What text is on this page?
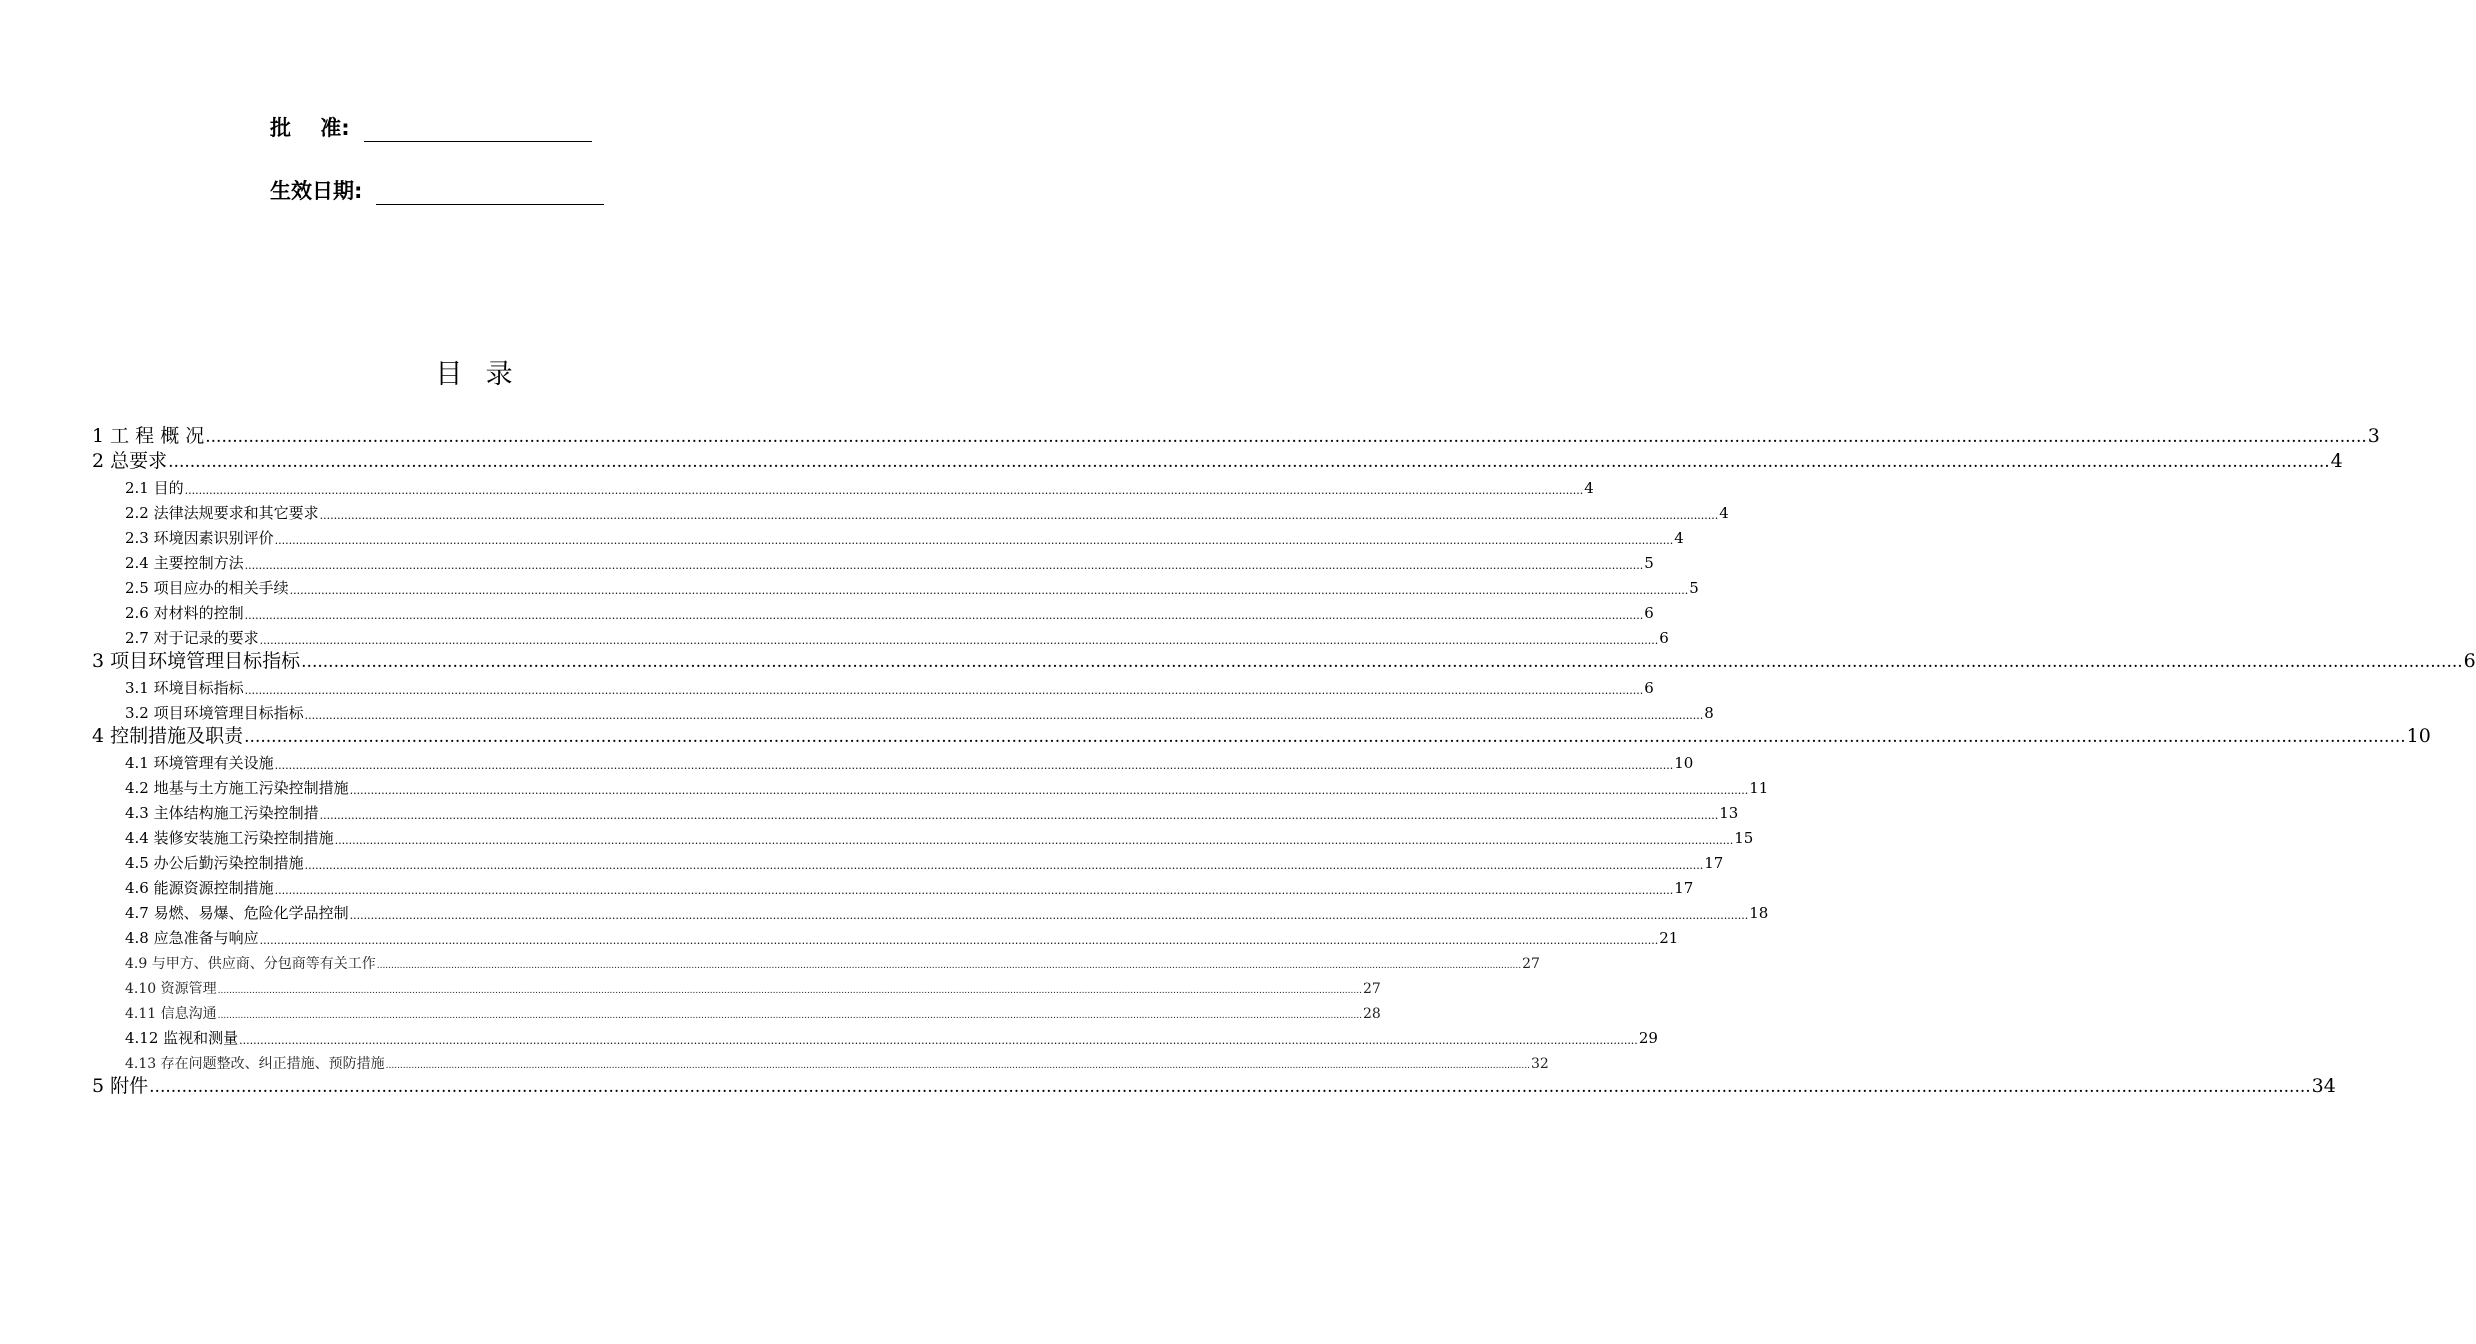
批    准:
生效日期:
目  录
1 工 程 概 况 ................................................................................................................................................................................................................................................................................................................................................................................................................ 3
2 总要求 ................................................................................................................................................................................................................................................................................................................................................................................................................ 4
2.1 目的 ................................................................................................................................................................................................................................................................................................................................................................................................................ 4
2.2 法律法规要求和其它要求 ................................................................................................................................................................................................................................................................................................................................................................................................................ 4
2.3 环境因素识别评价 ................................................................................................................................................................................................................................................................................................................................................................................................................ 4
2.4 主要控制方法 ................................................................................................................................................................................................................................................................................................................................................................................................................ 5
2.5 项目应办的相关手续 ................................................................................................................................................................................................................................................................................................................................................................................................................ 5
2.6 对材料的控制 ................................................................................................................................................................................................................................................................................................................................................................................................................ 6
2.7 对于记录的要求 ................................................................................................................................................................................................................................................................................................................................................................................................................ 6
3 项目环境管理目标指标 ................................................................................................................................................................................................................................................................................................................................................................................................................ 6
3.1 环境目标指标 ................................................................................................................................................................................................................................................................................................................................................................................................................ 6
3.2 项目环境管理目标指标 ................................................................................................................................................................................................................................................................................................................................................................................................................ 8
4 控制措施及职责 ................................................................................................................................................................................................................................................................................................................................................................................................................ 10
4.1 环境管理有关设施 ................................................................................................................................................................................................................................................................................................................................................................................................................ 10
4.2 地基与土方施工污染控制措施 ................................................................................................................................................................................................................................................................................................................................................................................................................ 11
4.3 主体结构施工污染控制措 ................................................................................................................................................................................................................................................................................................................................................................................................................ 13
4.4 装修安装施工污染控制措施 ................................................................................................................................................................................................................................................................................................................................................................................................................ 15
4.5 办公后勤污染控制措施 ................................................................................................................................................................................................................................................................................................................................................................................................................ 17
4.6 能源资源控制措施 ................................................................................................................................................................................................................................................................................................................................................................................................................ 17
4.7 易燃、易爆、危险化学品控制 ................................................................................................................................................................................................................................................................................................................................................................................................................ 18
4.8 应急准备与响应 ................................................................................................................................................................................................................................................................................................................................................................................................................ 21
4.9 与甲方、供应商、分包商等有关工作 ................................................................................................................................................................................................................................................................................................................................................................................................................ 27
4.10 资源管理 ................................................................................................................................................................................................................................................................................................................................................................................................................ 27
4.11 信息沟通 ................................................................................................................................................................................................................................................................................................................................................................................................................ 28
4.12 监视和测量 ................................................................................................................................................................................................................................................................................................................................................................................................................ 29
4.13 存在问题整改、纠正措施、预防措施 ................................................................................................................................................................................................................................................................................................................................................................................................................ 32
5 附件 ................................................................................................................................................................................................................................................................................................................................................................................................................ 34
